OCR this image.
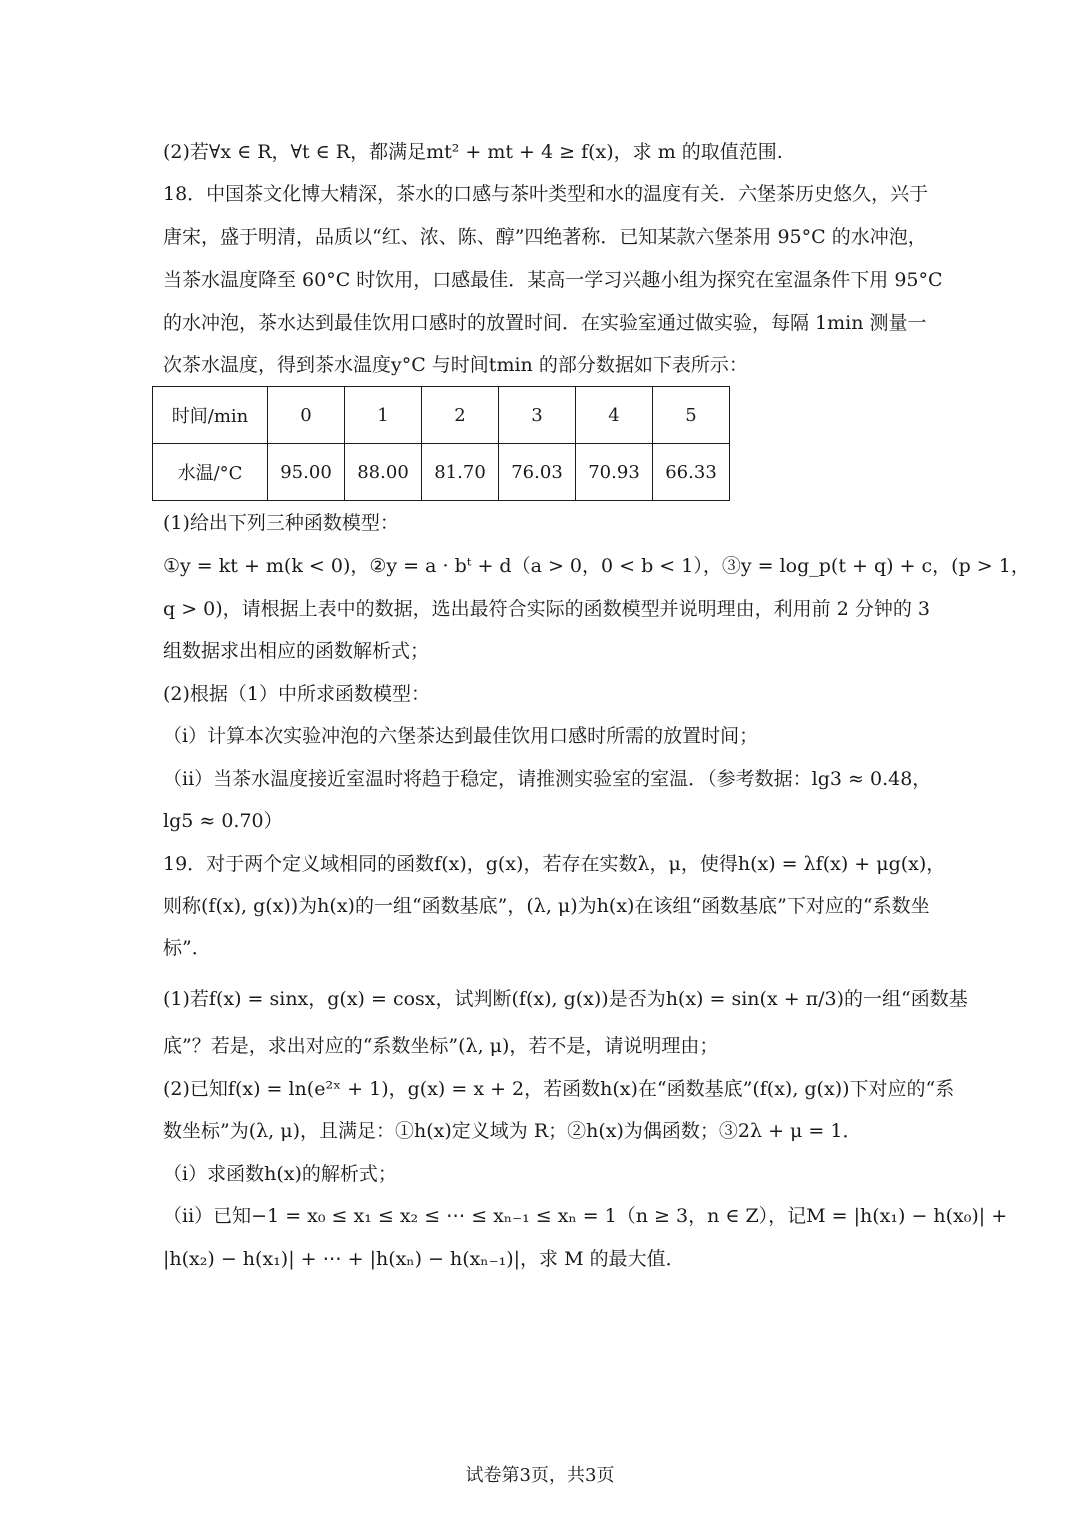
(2)若∀x ∈ R，∀t ∈ R，都满足mt² + mt + 4 ≥ f(x)，求 m 的取值范围.
18．中国茶文化博大精深，茶水的口感与茶叶类型和水的温度有关．六堡茶历史悠久，兴于
唐宋，盛于明清，品质以“红、浓、陈、醇”四绝著称．已知某款六堡茶用 95°C 的水冲泡，
当茶水温度降至 60°C 时饮用，口感最佳．某高一学习兴趣小组为探究在室温条件下用 95°C
的水冲泡，茶水达到最佳饮用口感时的放置时间．在实验室通过做实验，每隔 1min 测量一
次茶水温度，得到茶水温度y°C 与时间tmin 的部分数据如下表所示：
时间/min	0	1	2	3	4	5
水温/°C	95.00	88.00	81.70	76.03	70.93	66.33
(1)给出下列三种函数模型：
①y = kt + m(k < 0)，②y = a · bᵗ + d（a > 0，0 < b < 1），③y = log_p(t + q) + c，(p > 1，
q > 0)，请根据上表中的数据，选出最符合实际的函数模型并说明理由，利用前 2 分钟的 3
组数据求出相应的函数解析式；
(2)根据（1）中所求函数模型：
（i）计算本次实验冲泡的六堡茶达到最佳饮用口感时所需的放置时间；
（ii）当茶水温度接近室温时将趋于稳定，请推测实验室的室温．（参考数据：lg3 ≈ 0.48，
lg5 ≈ 0.70）
19．对于两个定义域相同的函数f(x)，g(x)，若存在实数λ，μ，使得h(x) = λf(x) + μg(x)，
则称(f(x), g(x))为h(x)的一组“函数基底”，(λ, μ)为h(x)在该组“函数基底”下对应的“系数坐
标”．
(1)若f(x) = sinx，g(x) = cosx，试判断(f(x), g(x))是否为h(x) = sin(x + π/3)的一组“函数基
底”？若是，求出对应的“系数坐标”(λ, μ)，若不是，请说明理由；
(2)已知f(x) = ln(e²ˣ + 1)，g(x) = x + 2，若函数h(x)在“函数基底”(f(x), g(x))下对应的“系
数坐标”为(λ, μ)，且满足：①h(x)定义域为 R；②h(x)为偶函数；③2λ + μ = 1．
（i）求函数h(x)的解析式；
（ii）已知−1 = x₀ ≤ x₁ ≤ x₂ ≤ ⋯ ≤ xₙ₋₁ ≤ xₙ = 1（n ≥ 3，n ∈ Z），记M = |h(x₁) − h(x₀)| +
|h(x₂) − h(x₁)| + ⋯ + |h(xₙ) − h(xₙ₋₁)|，求 M 的最大值．
试卷第3页，共3页
